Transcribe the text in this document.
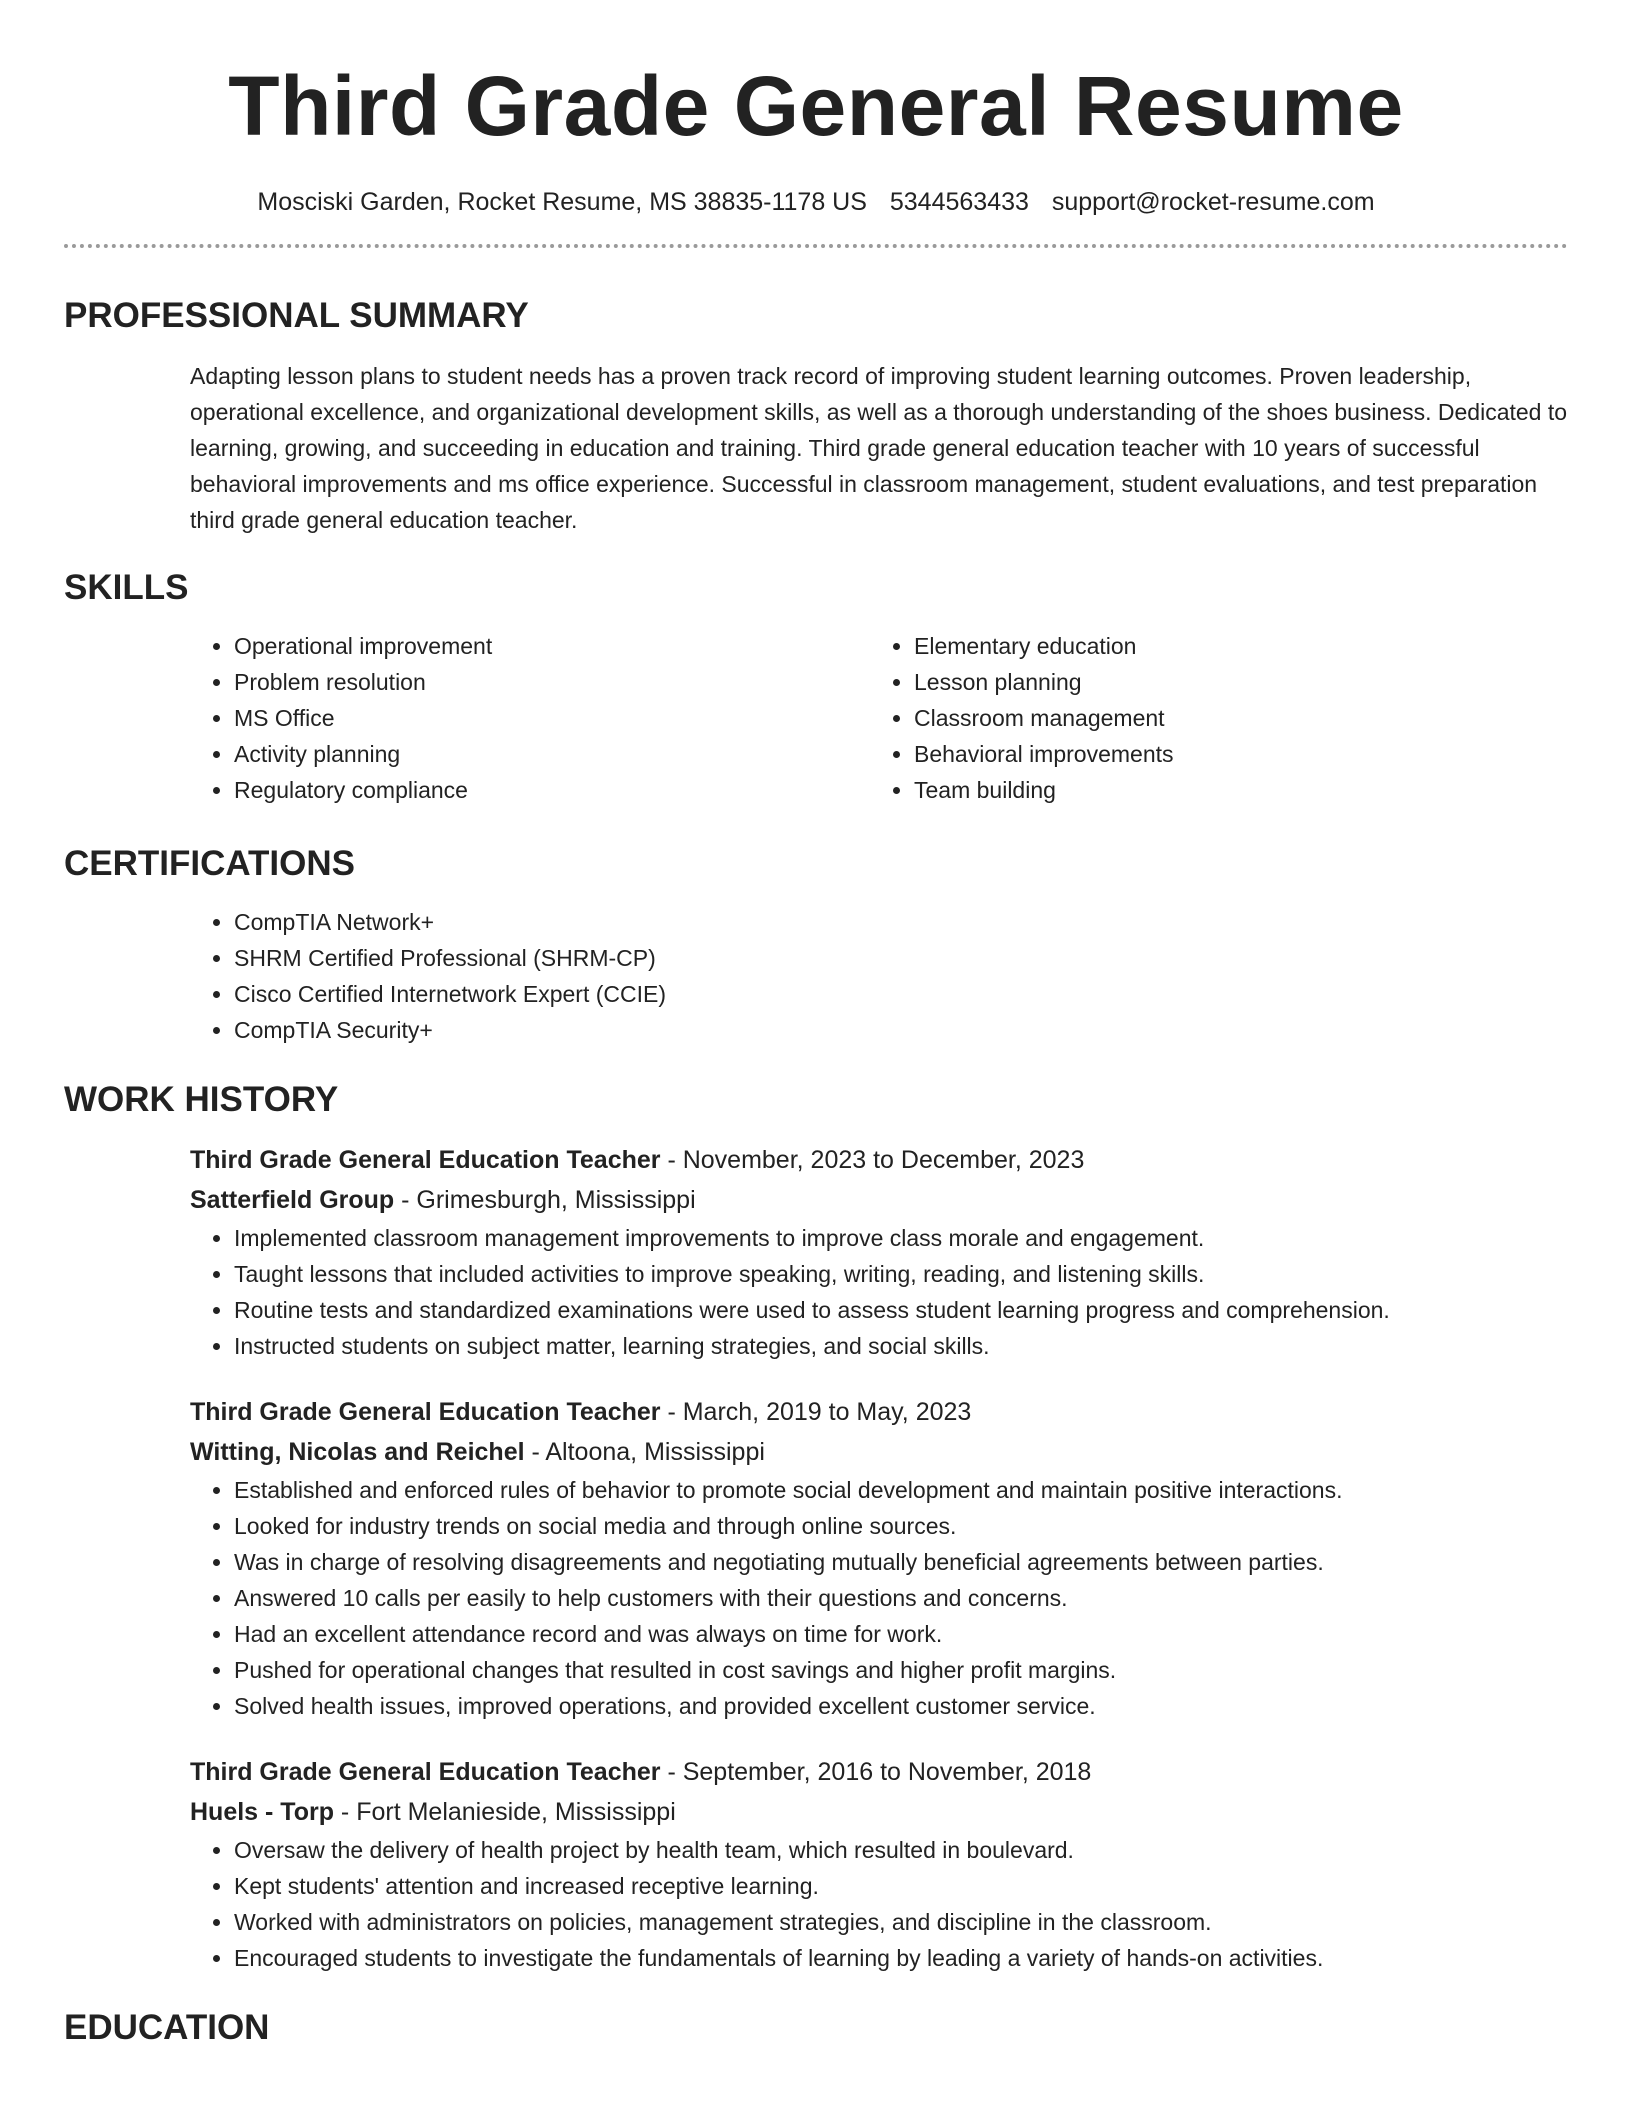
Third Grade General Resume
Mosciski Garden, Rocket Resume, MS 38835-1178 US 5344563433 support@rocket-resume.com
PROFESSIONAL SUMMARY
Adapting lesson plans to student needs has a proven track record of improving student learning outcomes. Proven leadership, operational excellence, and organizational development skills, as well as a thorough understanding of the shoes business. Dedicated to learning, growing, and succeeding in education and training. Third grade general education teacher with 10 years of successful behavioral improvements and ms office experience. Successful in classroom management, student evaluations, and test preparation third grade general education teacher.
SKILLS
• Operational improvement
• Problem resolution
• MS Office
• Activity planning
• Regulatory compliance
• Elementary education
• Lesson planning
• Classroom management
• Behavioral improvements
• Team building
CERTIFICATIONS
• CompTIA Network+
• SHRM Certified Professional (SHRM-CP)
• Cisco Certified Internetwork Expert (CCIE)
• CompTIA Security+
WORK HISTORY
Third Grade General Education Teacher - November, 2023 to December, 2023
Satterfield Group - Grimesburgh, Mississippi
• Implemented classroom management improvements to improve class morale and engagement.
• Taught lessons that included activities to improve speaking, writing, reading, and listening skills.
• Routine tests and standardized examinations were used to assess student learning progress and comprehension.
• Instructed students on subject matter, learning strategies, and social skills.
Third Grade General Education Teacher - March, 2019 to May, 2023
Witting, Nicolas and Reichel - Altoona, Mississippi
• Established and enforced rules of behavior to promote social development and maintain positive interactions.
• Looked for industry trends on social media and through online sources.
• Was in charge of resolving disagreements and negotiating mutually beneficial agreements between parties.
• Answered 10 calls per easily to help customers with their questions and concerns.
• Had an excellent attendance record and was always on time for work.
• Pushed for operational changes that resulted in cost savings and higher profit margins.
• Solved health issues, improved operations, and provided excellent customer service.
Third Grade General Education Teacher - September, 2016 to November, 2018
Huels - Torp - Fort Melanieside, Mississippi
• Oversaw the delivery of health project by health team, which resulted in boulevard.
• Kept students' attention and increased receptive learning.
• Worked with administrators on policies, management strategies, and discipline in the classroom.
• Encouraged students to investigate the fundamentals of learning by leading a variety of hands-on activities.
EDUCATION
